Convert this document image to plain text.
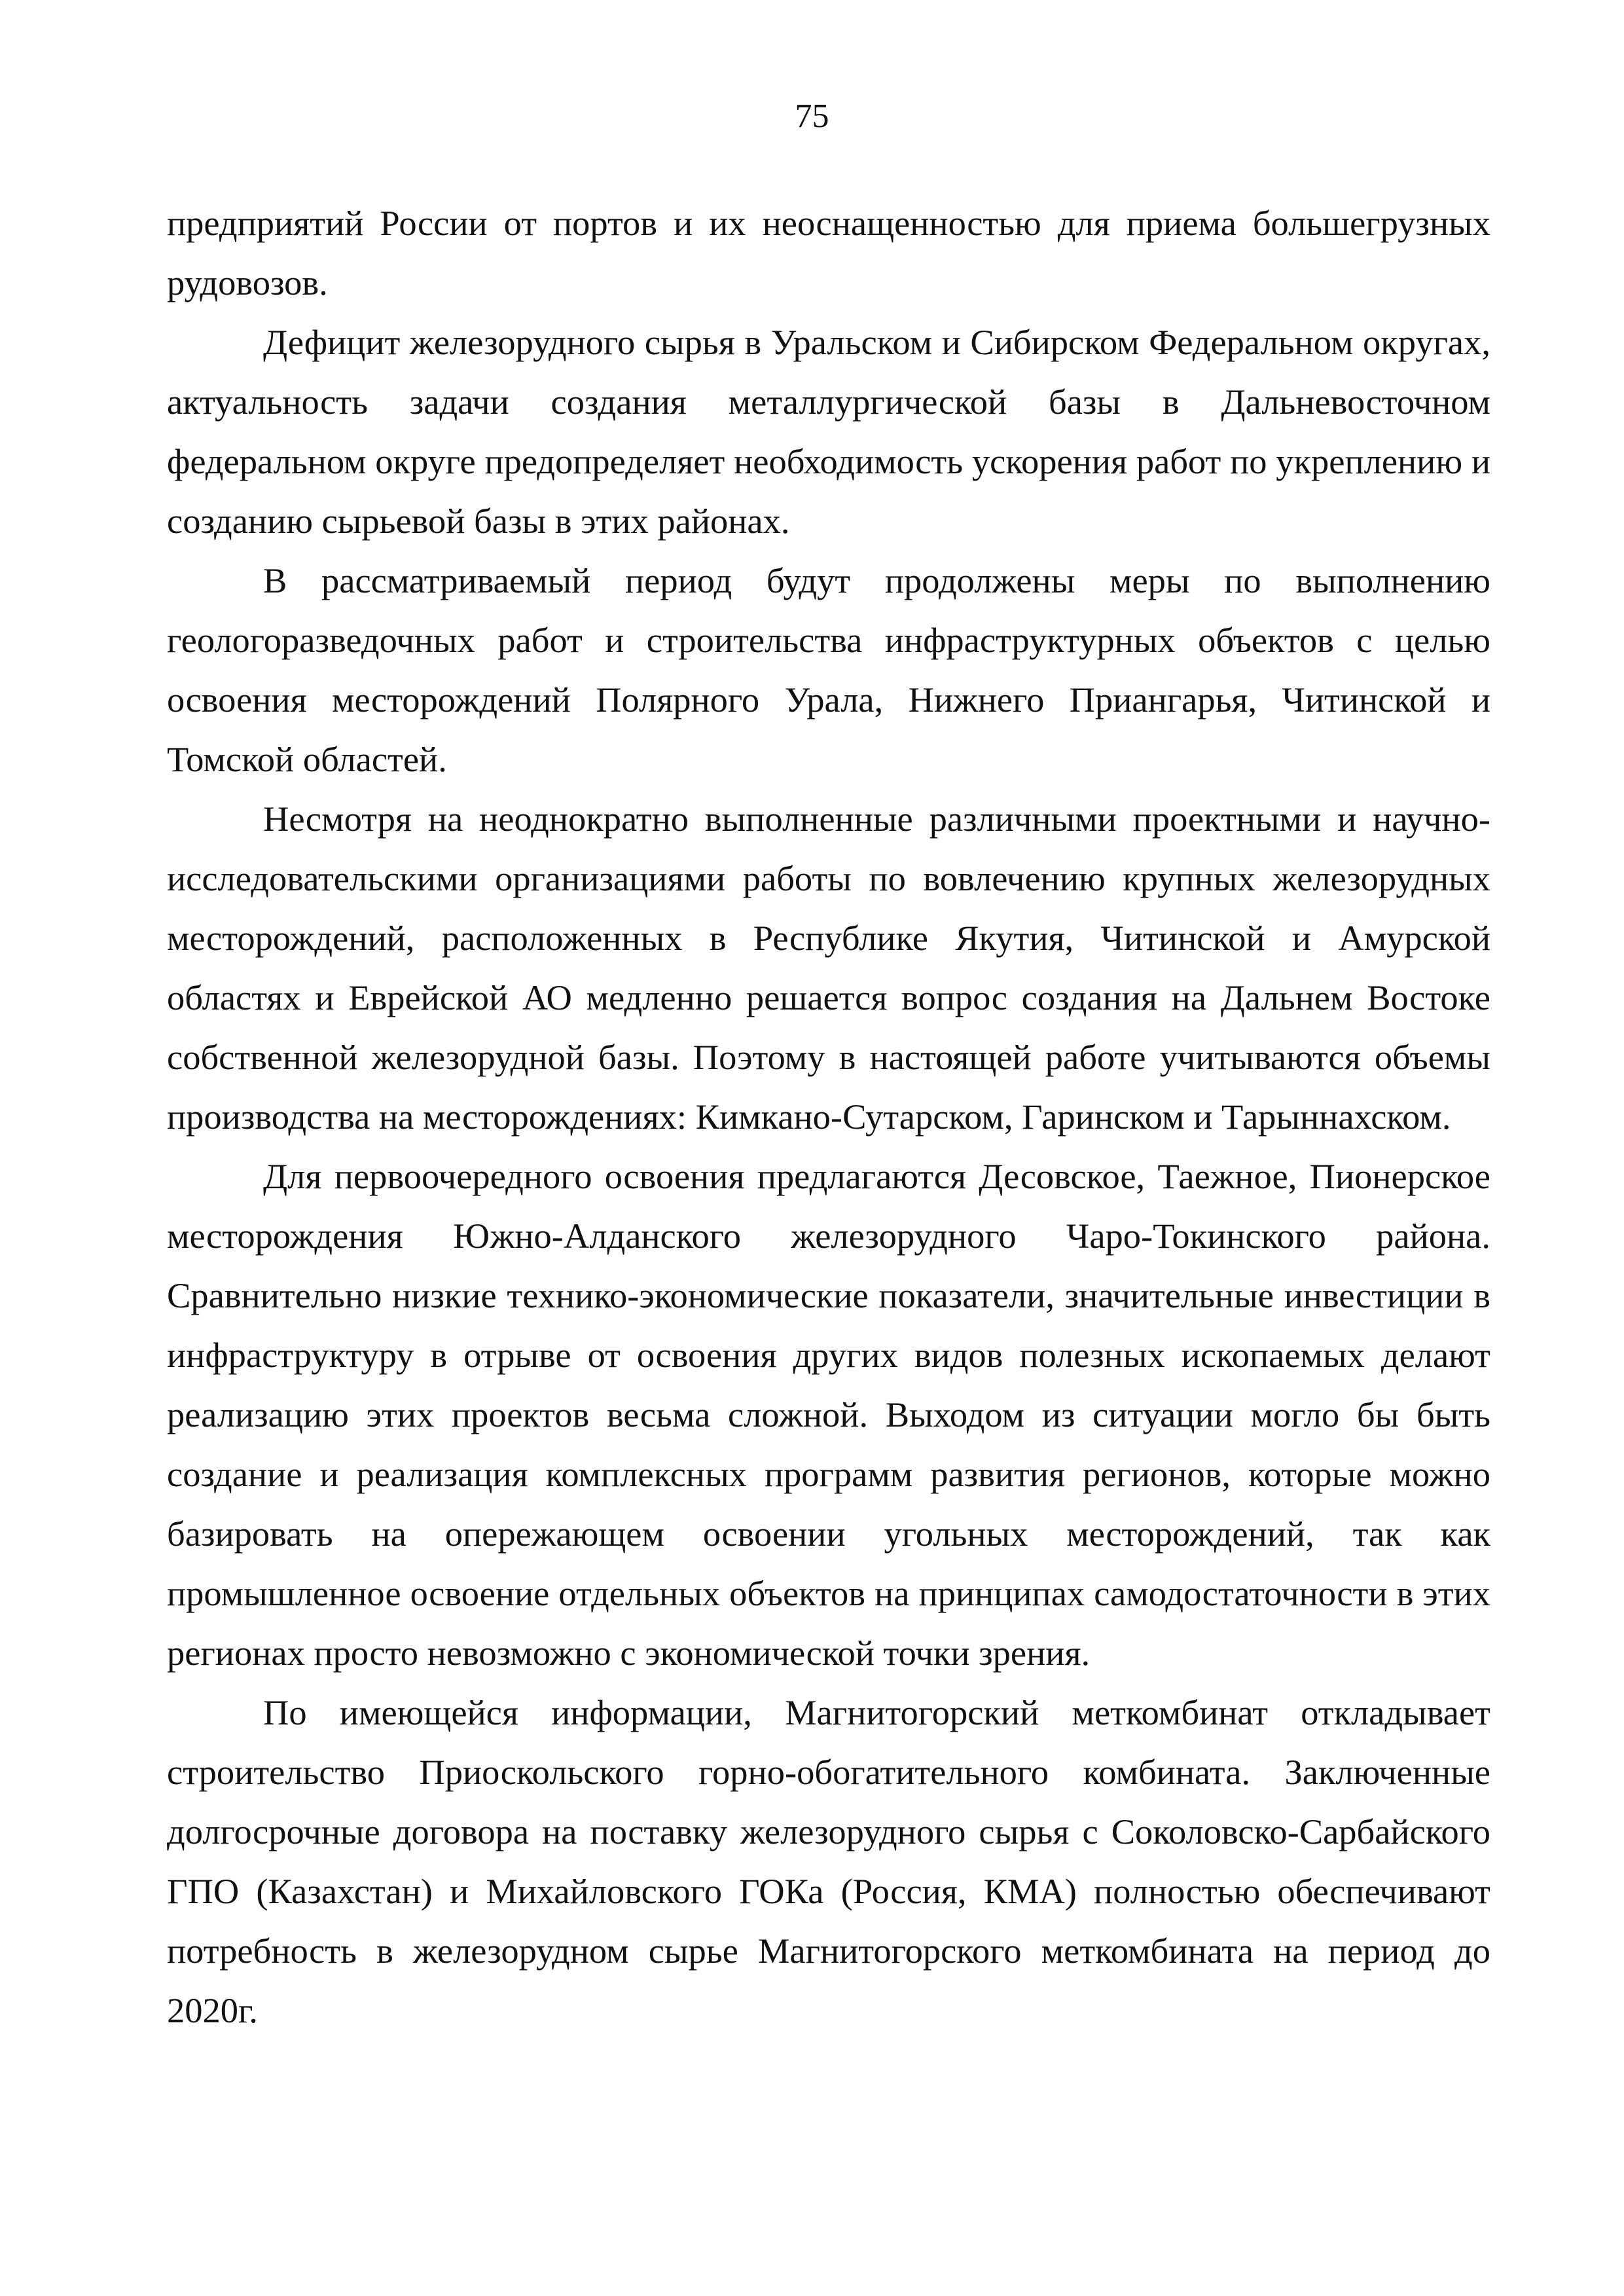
75

предприятий России от портов и их неоснащенностью для приема большегрузных рудовозов.

Дефицит железорудного сырья в Уральском и Сибирском Федеральном округах, актуальность задачи создания металлургической базы в Дальневосточном федеральном округе предопределяет необходимость ускорения работ по укреплению и созданию сырьевой базы в этих районах.

В рассматриваемый период будут продолжены меры по выполнению геологоразведочных работ и строительства инфраструктурных объектов с целью освоения месторождений Полярного Урала, Нижнего Приангарья, Читинской и Томской областей.

Несмотря на неоднократно выполненные различными проектными и научно-исследовательскими организациями работы по вовлечению крупных железорудных месторождений, расположенных в Республике Якутия, Читинской и Амурской областях и Еврейской АО медленно решается вопрос создания на Дальнем Востоке собственной железорудной базы. Поэтому в настоящей работе учитываются объемы производства на месторождениях: Кимкано-Сутарском, Гаринском и Тарыннахском.

Для первоочередного освоения предлагаются Десовское, Таежное, Пионерское месторождения Южно-Алданского железорудного Чаро-Токинского района. Сравнительно низкие технико-экономические показатели, значительные инвестиции в инфраструктуру в отрыве от освоения других видов полезных ископаемых делают реализацию этих проектов весьма сложной. Выходом из ситуации могло бы быть создание и реализация комплексных программ развития регионов, которые можно базировать на опережающем освоении угольных месторождений, так как промышленное освоение отдельных объектов на принципах самодостаточности в этих регионах просто невозможно с экономической точки зрения.

По имеющейся информации, Магнитогорский меткомбинат откладывает строительство Приоскольского горно-обогатительного комбината. Заключенные долгосрочные договора на поставку железорудного сырья с Соколовско-Сарбайского ГПО (Казахстан) и Михайловского ГОКа (Россия, КМА) полностью обеспечивают потребность в железорудном сырье Магнитогорского меткомбината на период до 2020г.
